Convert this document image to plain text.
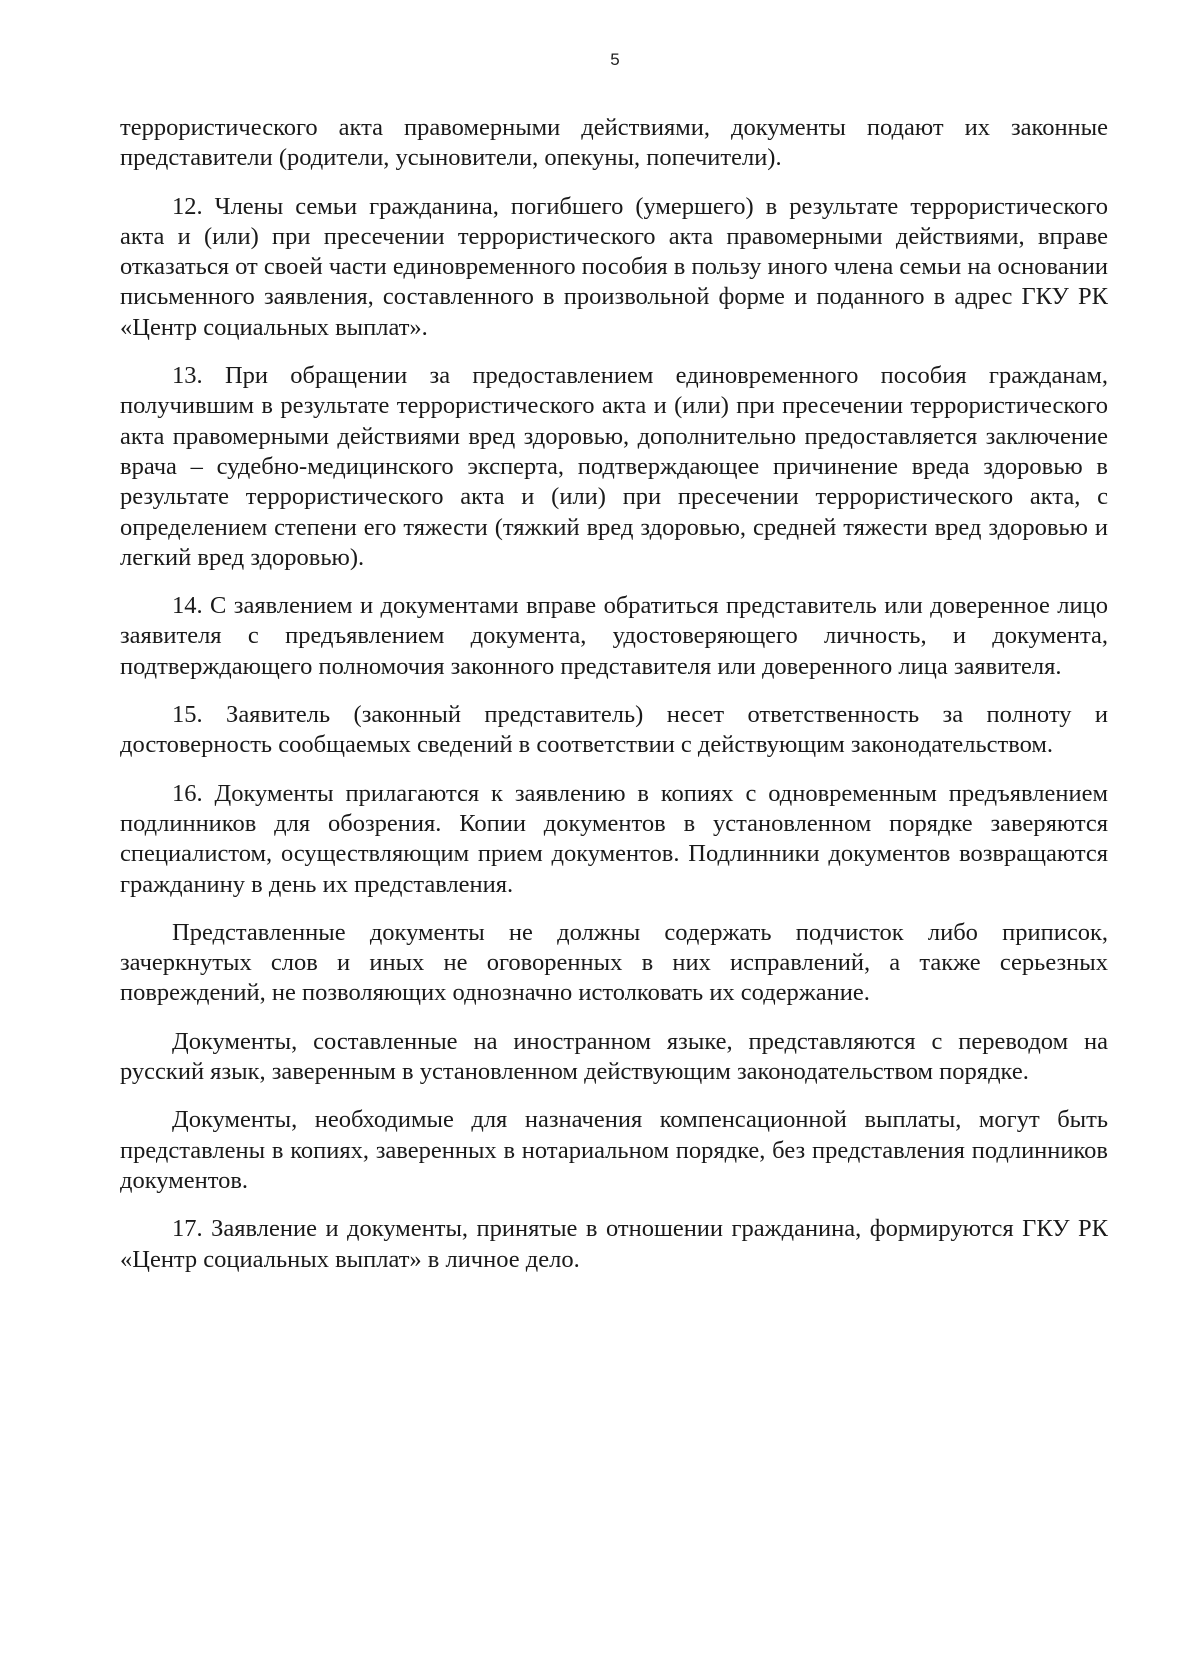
5

террористического акта правомерными действиями, документы подают их законные представители (родители, усыновители, опекуны, попечители).

12. Члены семьи гражданина, погибшего (умершего) в результате террористического акта и (или) при пресечении террористического акта правомерными действиями, вправе отказаться от своей части единовременного пособия в пользу иного члена семьи на основании письменного заявления, составленного в произвольной форме и поданного в адрес ГКУ РК «Центр социальных выплат».

13. При обращении за предоставлением единовременного пособия гражданам, получившим в результате террористического акта и (или) при пресечении террористического акта правомерными действиями вред здоровью, дополнительно предоставляется заключение врача – судебно-медицинского эксперта, подтверждающее причинение вреда здоровью в результате террористического акта и (или) при пресечении террористического акта, с определением степени его тяжести (тяжкий вред здоровью, средней тяжести вред здоровью и легкий вред здоровью).

14. С заявлением и документами вправе обратиться представитель или доверенное лицо заявителя с предъявлением документа, удостоверяющего личность, и документа, подтверждающего полномочия законного представителя или доверенного лица заявителя.

15. Заявитель (законный представитель) несет ответственность за полноту и достоверность сообщаемых сведений в соответствии с действующим законодательством.

16. Документы прилагаются к заявлению в копиях с одновременным предъявлением подлинников для обозрения. Копии документов в установленном порядке заверяются специалистом, осуществляющим прием документов. Подлинники документов возвращаются гражданину в день их представления.

Представленные документы не должны содержать подчисток либо приписок, зачеркнутых слов и иных не оговоренных в них исправлений, а также серьезных повреждений, не позволяющих однозначно истолковать их содержание.

Документы, составленные на иностранном языке, представляются с переводом на русский язык, заверенным в установленном действующим законодательством порядке.

Документы, необходимые для назначения компенсационной выплаты, могут быть представлены в копиях, заверенных в нотариальном порядке, без представления подлинников документов.

17. Заявление и документы, принятые в отношении гражданина, формируются ГКУ РК «Центр социальных выплат» в личное дело.
